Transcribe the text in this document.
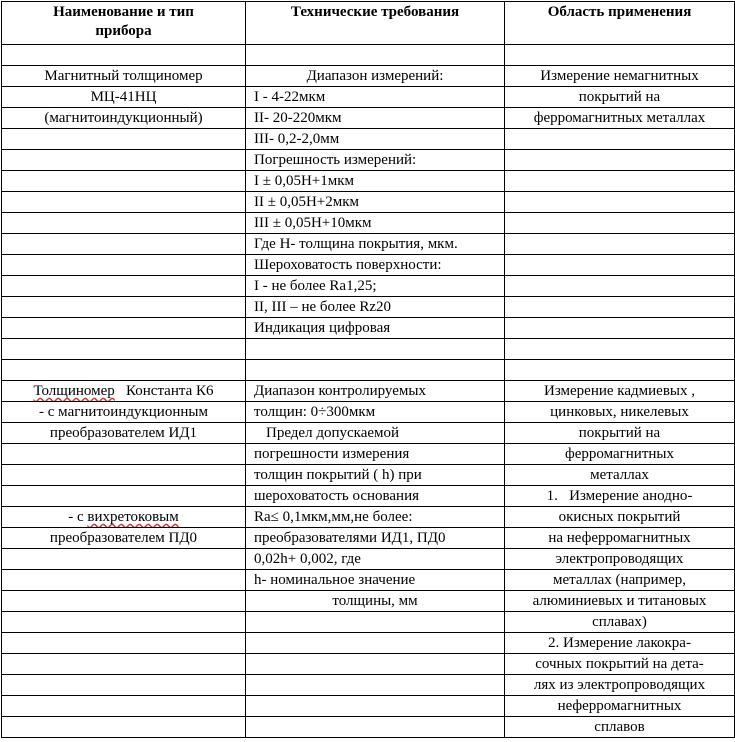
Наименование и тип
прибора	Технические требования	Область применения

Магнитный толщиномер	Диапазон измерений:	Измерение немагнитных
МЦ-41НЦ	I - 4-22мкм	покрытий на
(магнитоиндукционный)	II- 20-220мкм	ферромагнитных металлах
	III- 0,2-2,0мм	
	Погрешность измерений:	
	I ± 0,05H+1мкм	
	II ± 0,05H+2мкм	
	III ± 0,05H+10мкм	
	Где Н- толщина покрытия, мкм.	
	Шероховатость поверхности:	
	I - не более Ra1,25;	
	II, III – не более Rz20	
	Индикация цифровая	

Толщиномер   Константа К6	Диапазон контролируемых	Измерение кадмиевых ,
- с магнитоиндукционным	толщин: 0÷300мкм	цинковых, никелевых
преобразователем ИД1	Предел допускаемой	покрытий на
	погрешности измерения	ферромагнитных
	толщин покрытий ( h) при	металлах
	шероховатость основания	1.   Измерение анодно-
- с вихретоковым	Ra≤ 0,1мкм,мм,не более:	окисных покрытий
преобразователем ПД0	преобразователями ИД1, ПД0	на неферромагнитных
	0,02h+ 0,002, где	электропроводящих
	h- номинальное значение	металлах (например,
	толщины, мм	алюминиевых и титановых
		сплавах)
		2. Измерение лакокра-
		сочных покрытий на дета-
		лях из электропроводящих
		неферромагнитных
		сплавов
